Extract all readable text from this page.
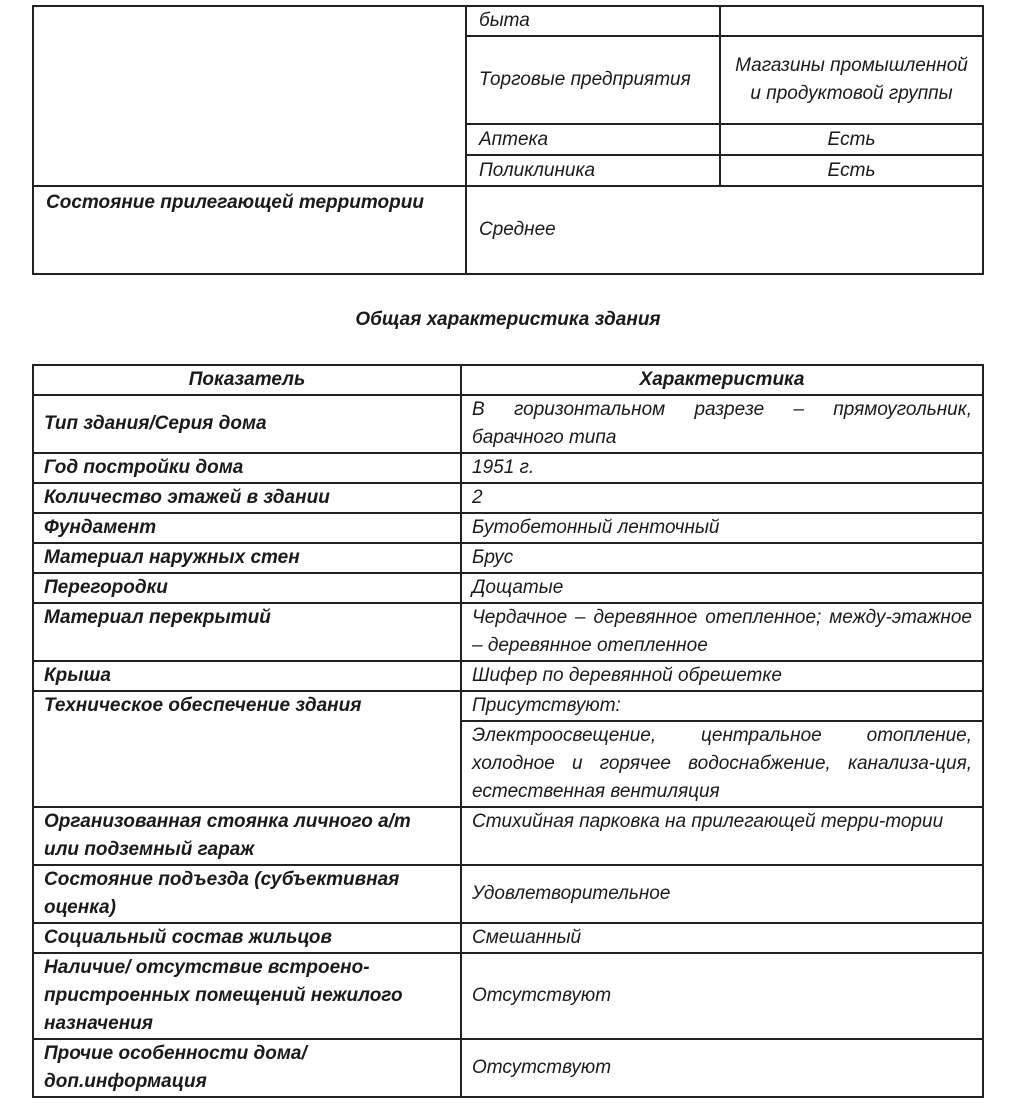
	быта	
	Торговые предприятия	Магазины промышленной и продуктовой группы
	Аптека	Есть
	Поликлиника	Есть
Состояние прилегающей территории	Среднее	
Общая характеристика здания
Показатель	Характеристика
Тип здания/Серия дома	В горизонтальном разрезе – прямоугольник, барачного типа
Год постройки дома	1951 г.
Количество этажей в здании	2
Фундамент	Бутобетонный ленточный
Материал наружных стен	Брус
Перегородки	Дощатые
Материал перекрытий	Чердачное – деревянное отепленное; между-этажное – деревянное отепленное
Крыша	Шифер по деревянной обрешетке
Техническое обеспечение здания	Присутствуют:
	Электроосвещение, центральное отопление, холодное и горячее водоснабжение, канализа-ция, естественная вентиляция
Организованная стоянка личного а/т или подземный гараж	Стихийная парковка на прилегающей терри-тории
Состояние подъезда (субъективная оценка)	Удовлетворительное
Социальный состав жильцов	Смешанный
Наличие/ отсутствие встроено-пристроенных помещений нежилого назначения	Отсутствуют
Прочие особенности дома/доп.информация	Отсутствуют
